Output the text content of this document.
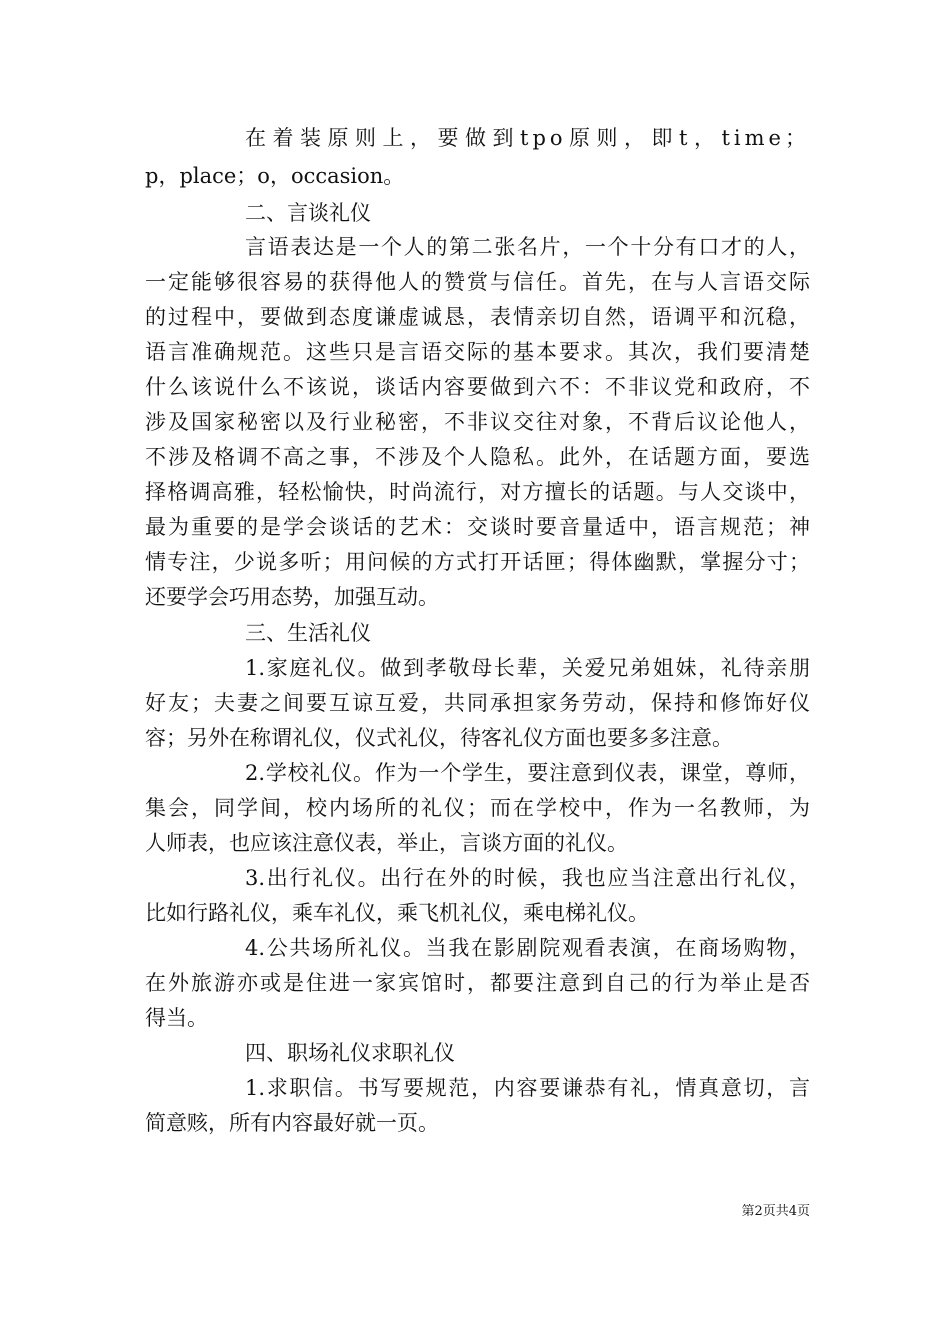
在着装原则上，要做到tpo原则，即t，time；

p，place；o，occasion。

二、言谈礼仪

言语表达是一个人的第二张名片，一个十分有口才的人，

一定能够很容易的获得他人的赞赏与信任。首先，在与人言语交际

的过程中，要做到态度谦虚诚恳，表情亲切自然，语调平和沉稳，

语言准确规范。这些只是言语交际的基本要求。其次，我们要清楚

什么该说什么不该说，谈话内容要做到六不：不非议党和政府，不

涉及国家秘密以及行业秘密，不非议交往对象，不背后议论他人，

不涉及格调不高之事，不涉及个人隐私。此外，在话题方面，要选

择格调高雅，轻松愉快，时尚流行，对方擅长的话题。与人交谈中，

最为重要的是学会谈话的艺术：交谈时要音量适中，语言规范；神

情专注，少说多听；用问候的方式打开话匣；得体幽默，掌握分寸；

还要学会巧用态势，加强互动。

三、生活礼仪

1.家庭礼仪。做到孝敬母长辈，关爱兄弟姐妹，礼待亲朋

好友；夫妻之间要互谅互爱，共同承担家务劳动，保持和修饰好仪

容；另外在称谓礼仪，仪式礼仪，待客礼仪方面也要多多注意。

2.学校礼仪。作为一个学生，要注意到仪表，课堂，尊师，

集会，同学间，校内场所的礼仪；而在学校中，作为一名教师，为

人师表，也应该注意仪表，举止，言谈方面的礼仪。

3.出行礼仪。出行在外的时候，我也应当注意出行礼仪，

比如行路礼仪，乘车礼仪，乘飞机礼仪，乘电梯礼仪。

4.公共场所礼仪。当我在影剧院观看表演，在商场购物，

在外旅游亦或是住进一家宾馆时，都要注意到自己的行为举止是否

得当。

四、职场礼仪求职礼仪

1.求职信。书写要规范，内容要谦恭有礼，情真意切，言

简意赅，所有内容最好就一页。

第2页共4页
